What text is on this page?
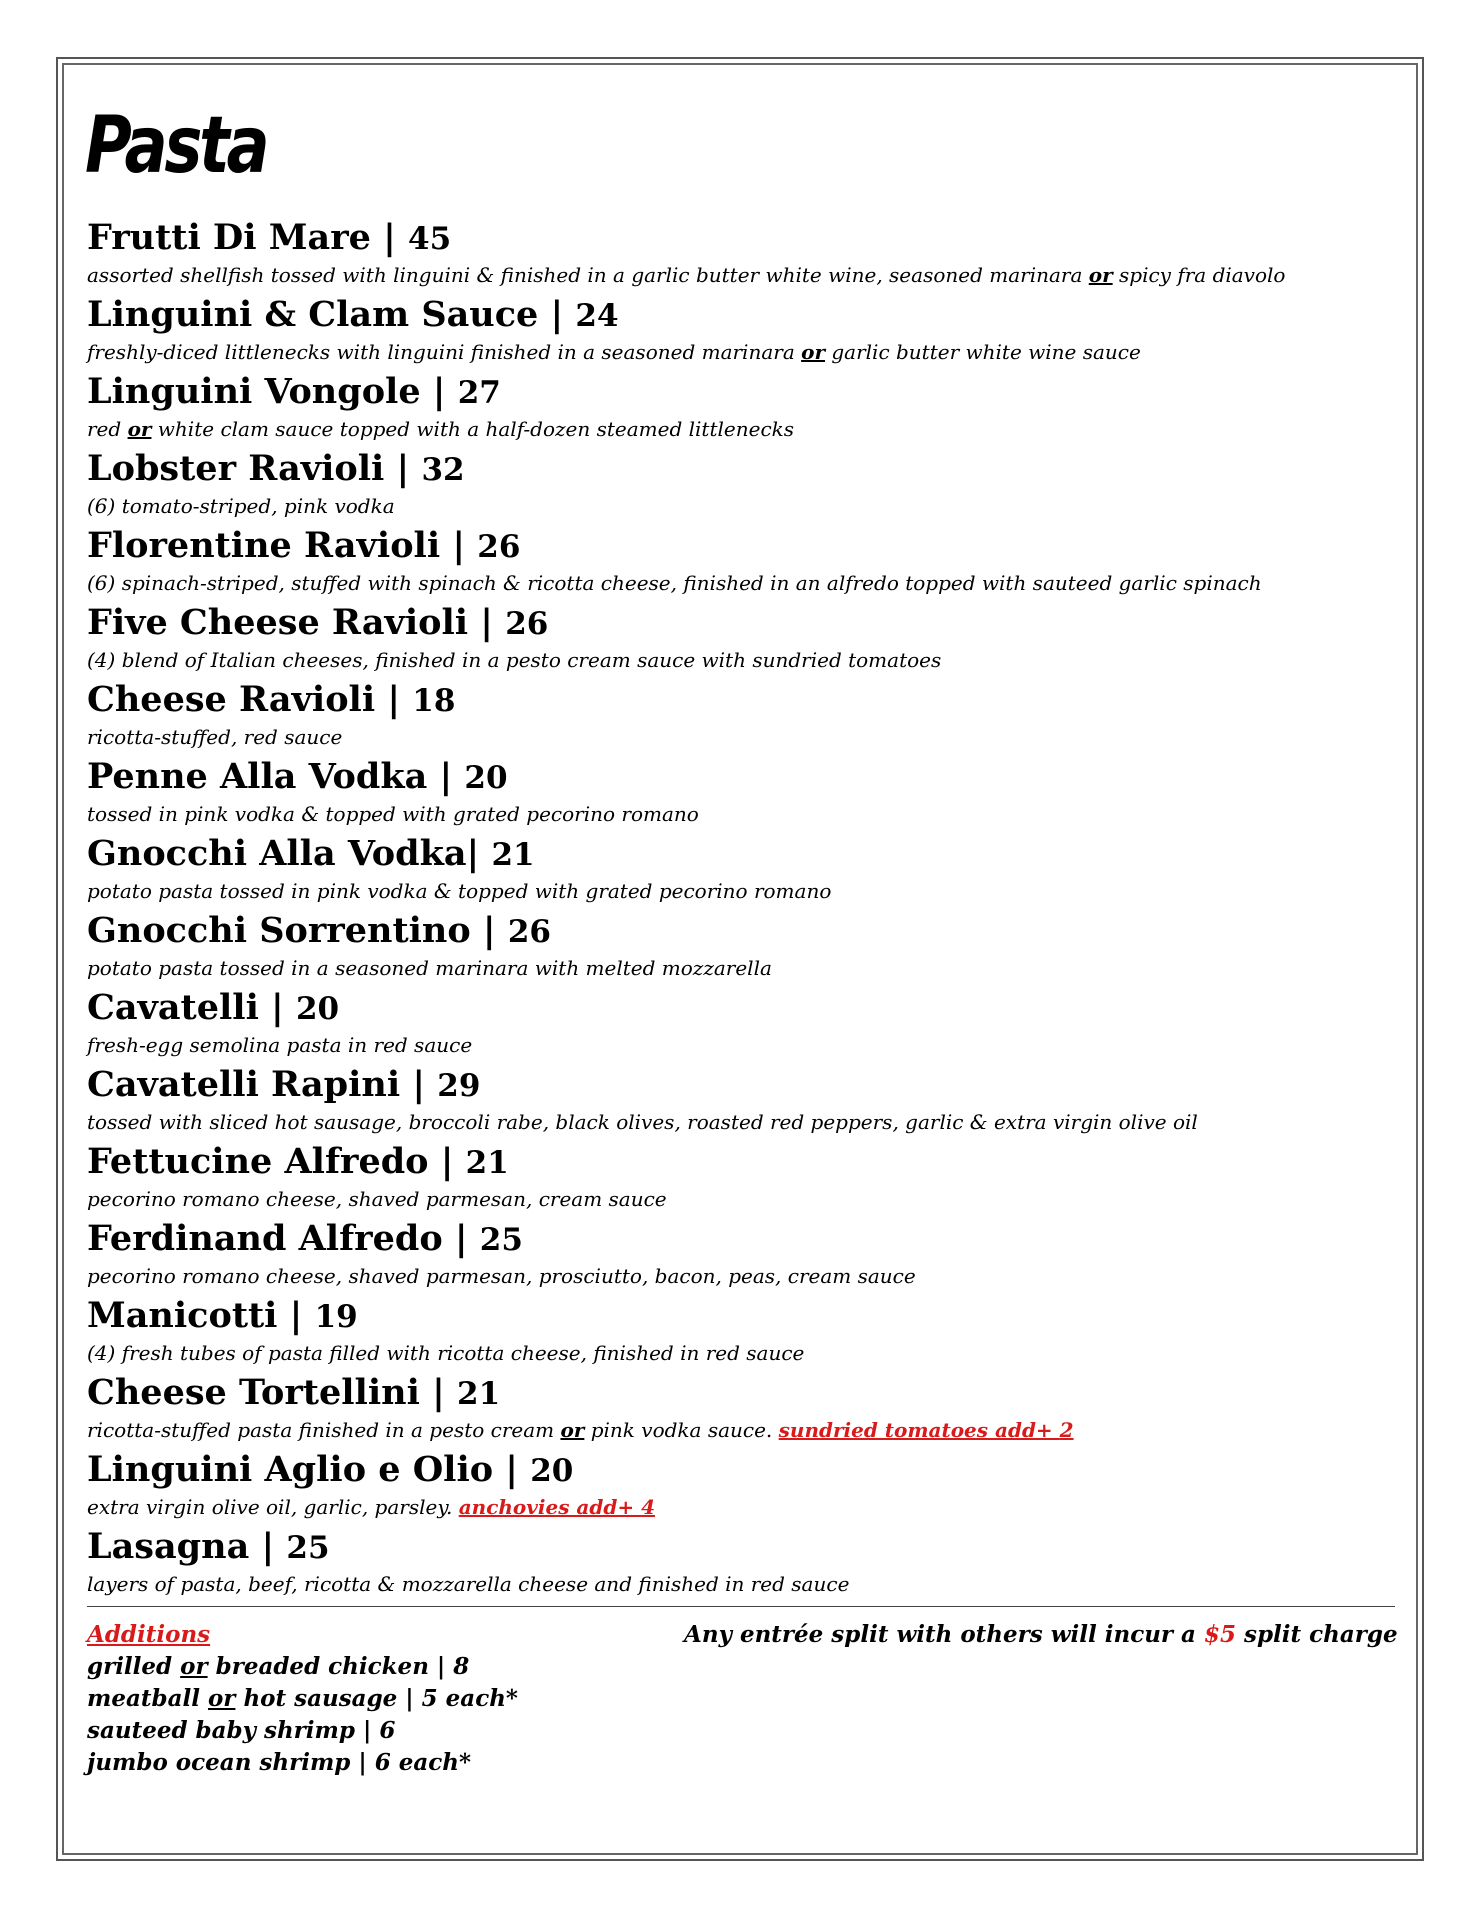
Pasta
Frutti Di Mare | 45
assorted shellfish tossed with linguini & finished in a garlic butter white wine, seasoned marinara or spicy fra diavolo
Linguini & Clam Sauce | 24
freshly-diced littlenecks with linguini finished in a seasoned marinara or garlic butter white wine sauce
Linguini Vongole | 27
red or white clam sauce topped with a half-dozen steamed littlenecks
Lobster Ravioli | 32
(6) tomato-striped, pink vodka
Florentine Ravioli | 26
(6) spinach-striped, stuffed with spinach & ricotta cheese, finished in an alfredo topped with sauteed garlic spinach
Five Cheese Ravioli | 26
(4) blend of Italian cheeses, finished in a pesto cream sauce with sundried tomatoes
Cheese Ravioli | 18
ricotta-stuffed, red sauce
Penne Alla Vodka | 20
tossed in pink vodka & topped with grated pecorino romano
Gnocchi Alla Vodka| 21
potato pasta tossed in pink vodka & topped with grated pecorino romano
Gnocchi Sorrentino | 26
potato pasta tossed in a seasoned marinara with melted mozzarella
Cavatelli | 20
fresh-egg semolina pasta in red sauce
Cavatelli Rapini | 29
tossed with sliced hot sausage, broccoli rabe, black olives, roasted red peppers, garlic & extra virgin olive oil
Fettucine Alfredo | 21
pecorino romano cheese, shaved parmesan, cream sauce
Ferdinand Alfredo | 25
pecorino romano cheese, shaved parmesan, prosciutto, bacon, peas, cream sauce
Manicotti | 19
(4) fresh tubes of pasta filled with ricotta cheese, finished in red sauce
Cheese Tortellini | 21
ricotta-stuffed pasta finished in a pesto cream or pink vodka sauce. sundried tomatoes add+ 2
Linguini Aglio e Olio | 20
extra virgin olive oil, garlic, parsley. anchovies add+ 4
Lasagna | 25
layers of pasta, beef, ricotta & mozzarella cheese and finished in red sauce
Additions
grilled or breaded chicken | 8
meatball or hot sausage | 5 each*
sauteed baby shrimp | 6
jumbo ocean shrimp | 6 each*
Any entrée split with others will incur a $5 split charge
